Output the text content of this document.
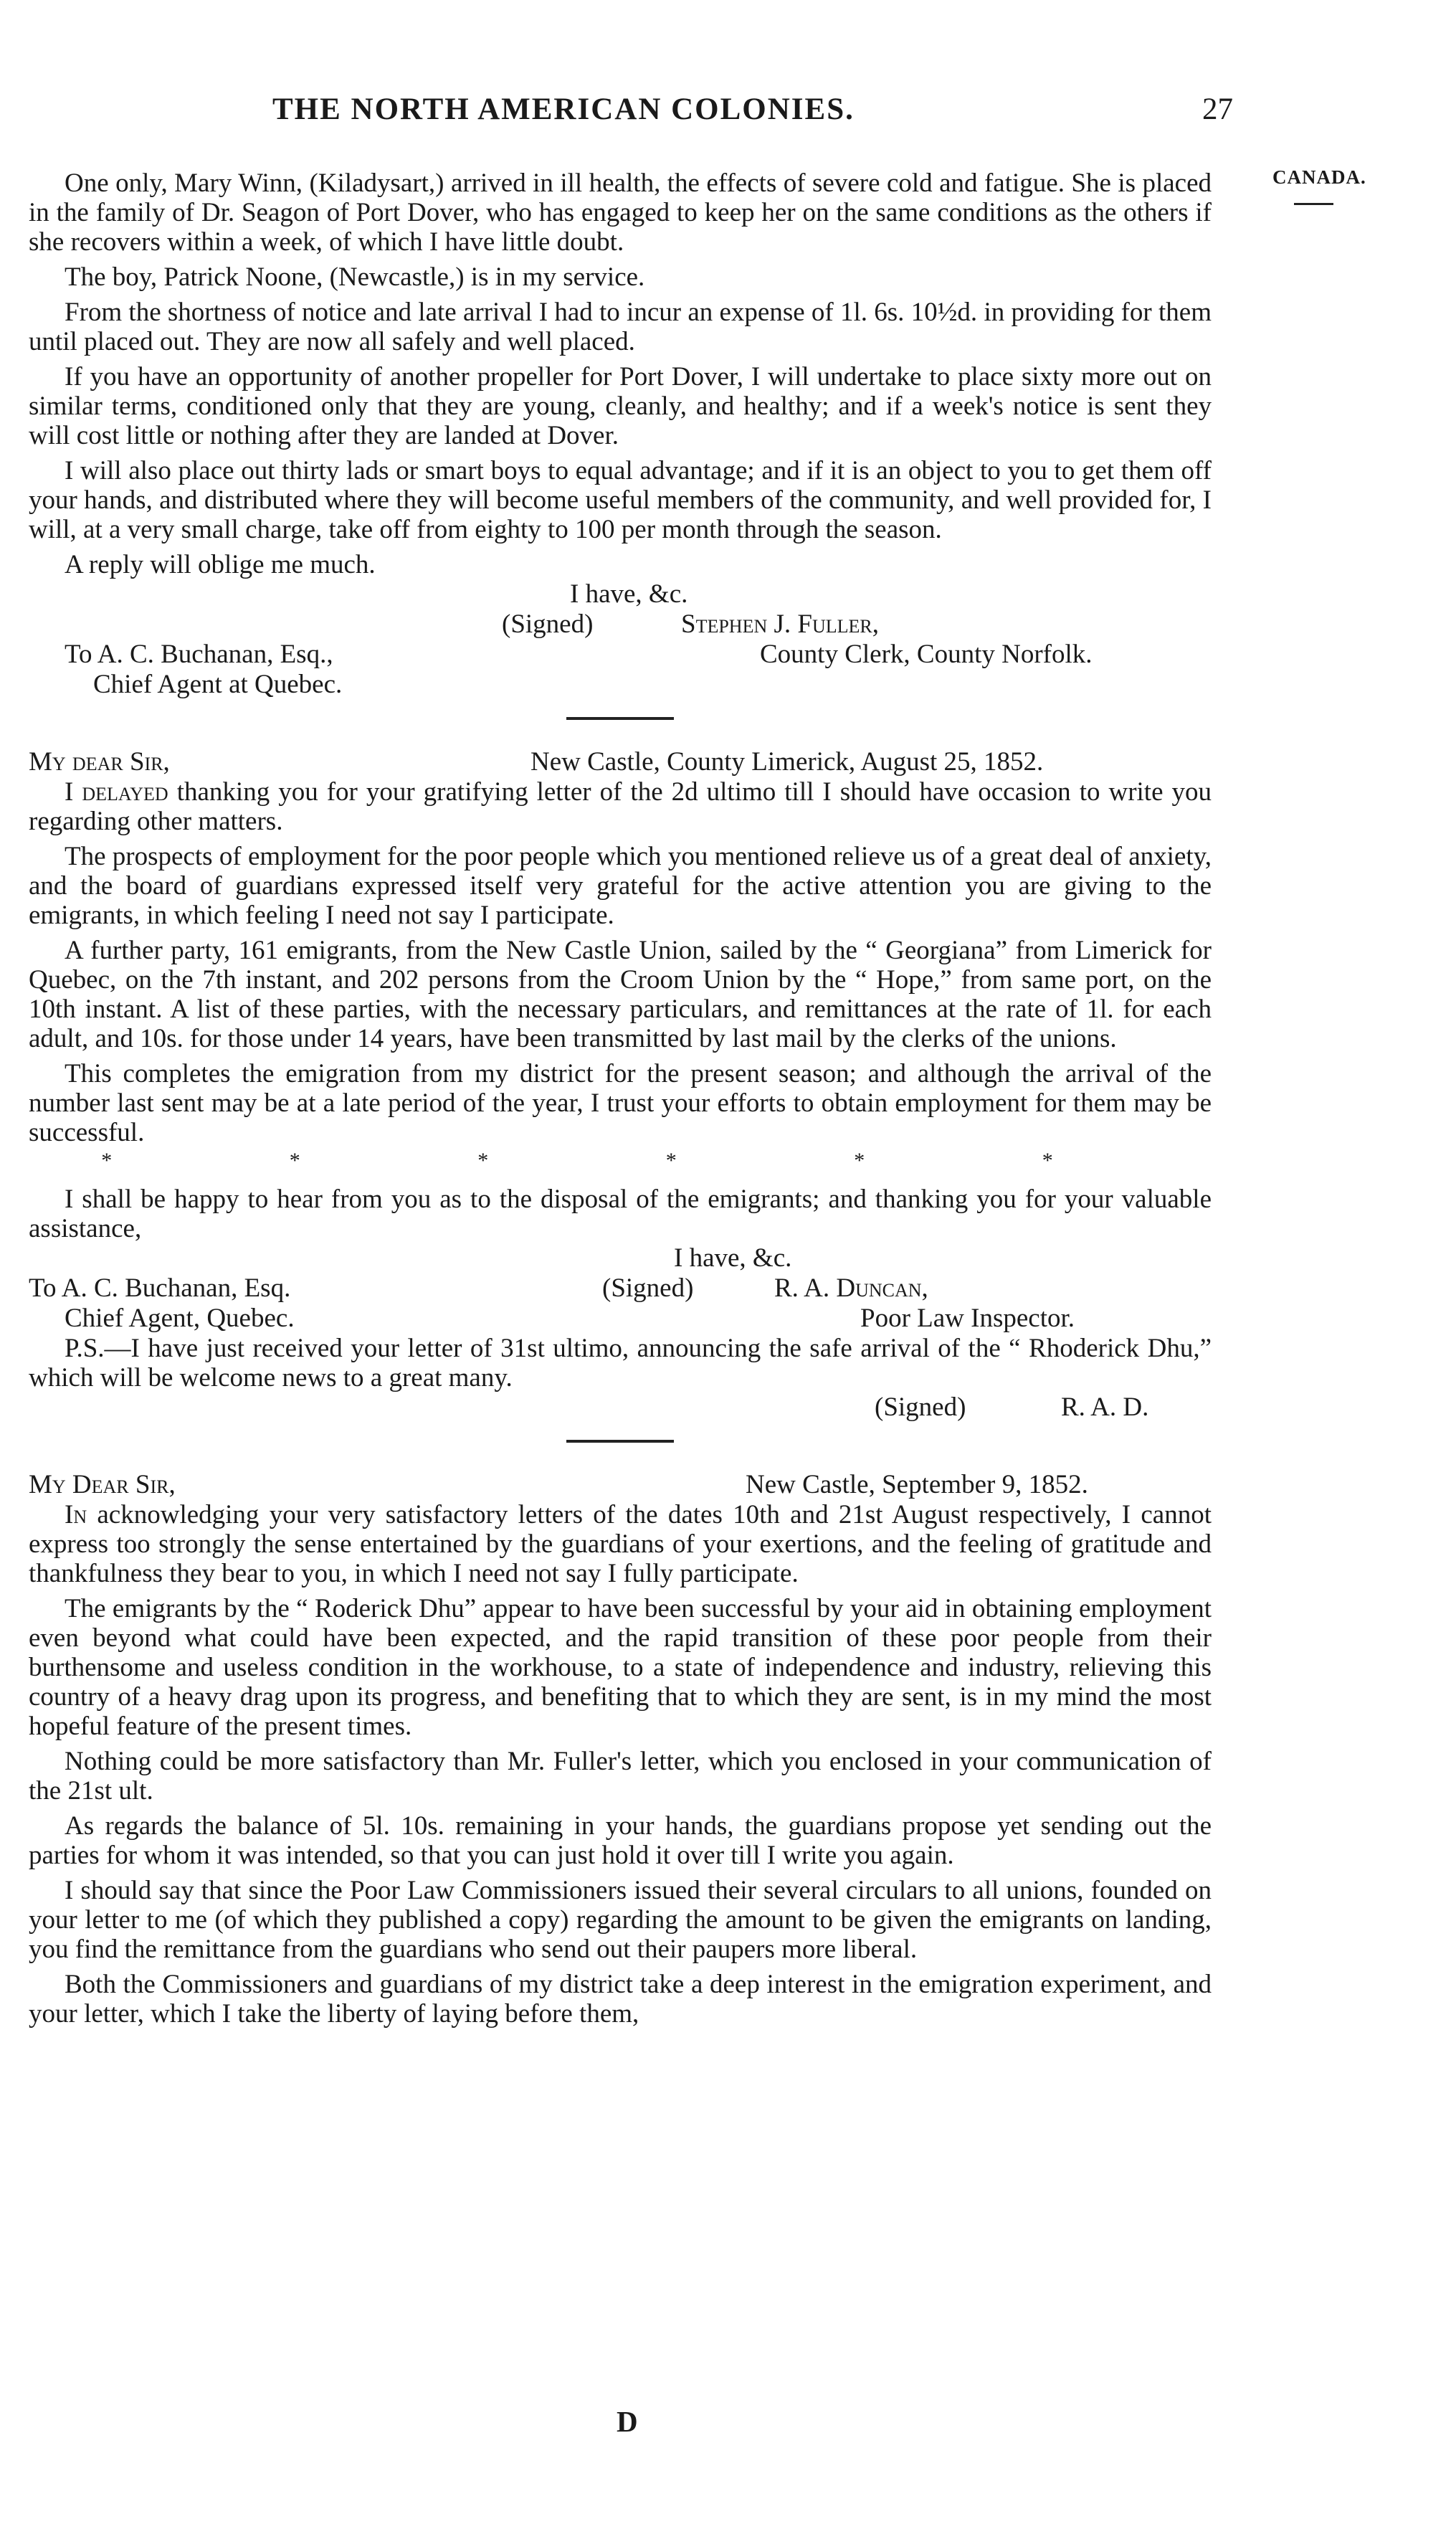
THE NORTH AMERICAN COLONIES.	27
CANADA.

One only, Mary Winn, (Kiladysart,) arrived in ill health, the effects of severe cold and fatigue. She is placed in the family of Dr. Seagon of Port Dover, who has engaged to keep her on the same conditions as the others if she recovers within a week, of which I have little doubt.

The boy, Patrick Noone, (Newcastle,) is in my service.

From the shortness of notice and late arrival I had to incur an expense of 1l. 6s. 10½d. in providing for them until placed out. They are now all safely and well placed.

If you have an opportunity of another propeller for Port Dover, I will undertake to place sixty more out on similar terms, conditioned only that they are young, cleanly, and healthy; and if a week's notice is sent they will cost little or nothing after they are landed at Dover.

I will also place out thirty lads or smart boys to equal advantage; and if it is an object to you to get them off your hands, and distributed where they will become useful members of the community, and well provided for, I will, at a very small charge, take off from eighty to 100 per month through the season.

A reply will oblige me much.

I have, &c.
(Signed)	Stephen J. Fuller,
To A. C. Buchanan, Esq.,	County Clerk, County Norfolk.
Chief Agent at Quebec.
My dear Sir,	New Castle, County Limerick, August 25, 1852.

I delayed thanking you for your gratifying letter of the 2d ultimo till I should have occasion to write you regarding other matters.

The prospects of employment for the poor people which you mentioned relieve us of a great deal of anxiety, and the board of guardians expressed itself very grateful for the active attention you are giving to the emigrants, in which feeling I need not say I participate.

A further party, 161 emigrants, from the New Castle Union, sailed by the “ Georgiana” from Limerick for Quebec, on the 7th instant, and 202 persons from the Croom Union by the “ Hope,” from same port, on the 10th instant. A list of these parties, with the necessary particulars, and remittances at the rate of 1l. for each adult, and 10s. for those under 14 years, have been transmitted by last mail by the clerks of the unions.

This completes the emigration from my district for the present season; and although the arrival of the number last sent may be at a late period of the year, I trust your efforts to obtain employment for them may be successful.

* * * * * *

I shall be happy to hear from you as to the disposal of the emigrants; and thanking you for your valuable assistance,

I have, &c.
To A. C. Buchanan, Esq.	(Signed)	R. A. Duncan,
Chief Agent, Quebec.	Poor Law Inspector.

P.S.—I have just received your letter of 31st ultimo, announcing the safe arrival of the “ Rhoderick Dhu,” which will be welcome news to a great many.

(Signed)	R. A. D.
My Dear Sir,	New Castle, September 9, 1852.

In acknowledging your very satisfactory letters of the dates 10th and 21st August respectively, I cannot express too strongly the sense entertained by the guardians of your exertions, and the feeling of gratitude and thankfulness they bear to you, in which I need not say I fully participate.

The emigrants by the “ Roderick Dhu” appear to have been successful by your aid in obtaining employment even beyond what could have been expected, and the rapid transition of these poor people from their burthensome and useless condition in the workhouse, to a state of independence and industry, relieving this country of a heavy drag upon its progress, and benefiting that to which they are sent, is in my mind the most hopeful feature of the present times.

Nothing could be more satisfactory than Mr. Fuller's letter, which you enclosed in your communication of the 21st ult.

As regards the balance of 5l. 10s. remaining in your hands, the guardians propose yet sending out the parties for whom it was intended, so that you can just hold it over till I write you again.

I should say that since the Poor Law Commissioners issued their several circulars to all unions, founded on your letter to me (of which they published a copy) regarding the amount to be given the emigrants on landing, you find the remittance from the guardians who send out their paupers more liberal.

Both the Commissioners and guardians of my district take a deep interest in the emigration experiment, and your letter, which I take the liberty of laying before them,

D
